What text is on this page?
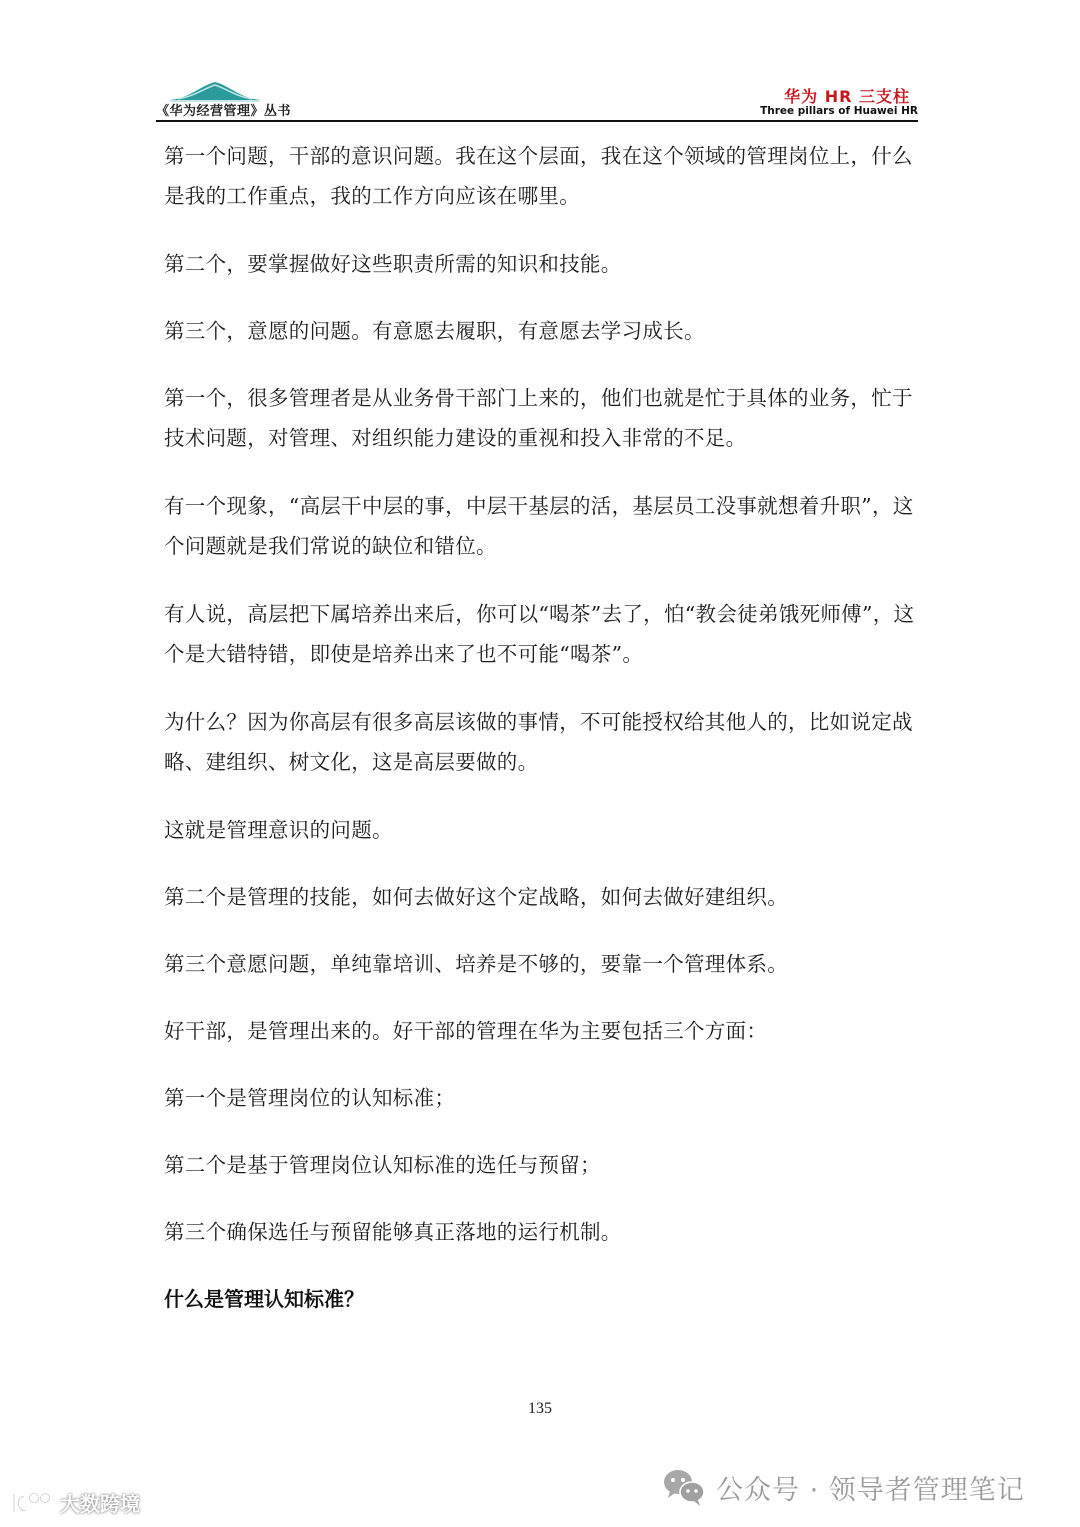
《华为经营管理》丛书
华为 HR 三支柱
Three pillars of Huawei HR

第一个问题，干部的意识问题。我在这个层面，我在这个领域的管理岗位上，什么是我的工作重点，我的工作方向应该在哪里。

第二个，要掌握做好这些职责所需的知识和技能。

第三个，意愿的问题。有意愿去履职，有意愿去学习成长。

第一个，很多管理者是从业务骨干部门上来的，他们也就是忙于具体的业务，忙于技术问题，对管理、对组织能力建设的重视和投入非常的不足。

有一个现象，“高层干中层的事，中层干基层的活，基层员工没事就想着升职”，这个问题就是我们常说的缺位和错位。

有人说，高层把下属培养出来后，你可以“喝茶”去了，怕“教会徒弟饿死师傅”，这个是大错特错，即使是培养出来了也不可能“喝茶”。

为什么？因为你高层有很多高层该做的事情，不可能授权给其他人的，比如说定战略、建组织、树文化，这是高层要做的。

这就是管理意识的问题。

第二个是管理的技能，如何去做好这个定战略，如何去做好建组织。

第三个意愿问题，单纯靠培训、培养是不够的，要靠一个管理体系。

好干部，是管理出来的。好干部的管理在华为主要包括三个方面：

第一个是管理岗位的认知标准；

第二个是基于管理岗位认知标准的选任与预留；

第三个确保选任与预留能够真正落地的运行机制。

什么是管理认知标准？
135
大数跨境	公众号 · 领导者管理笔记
